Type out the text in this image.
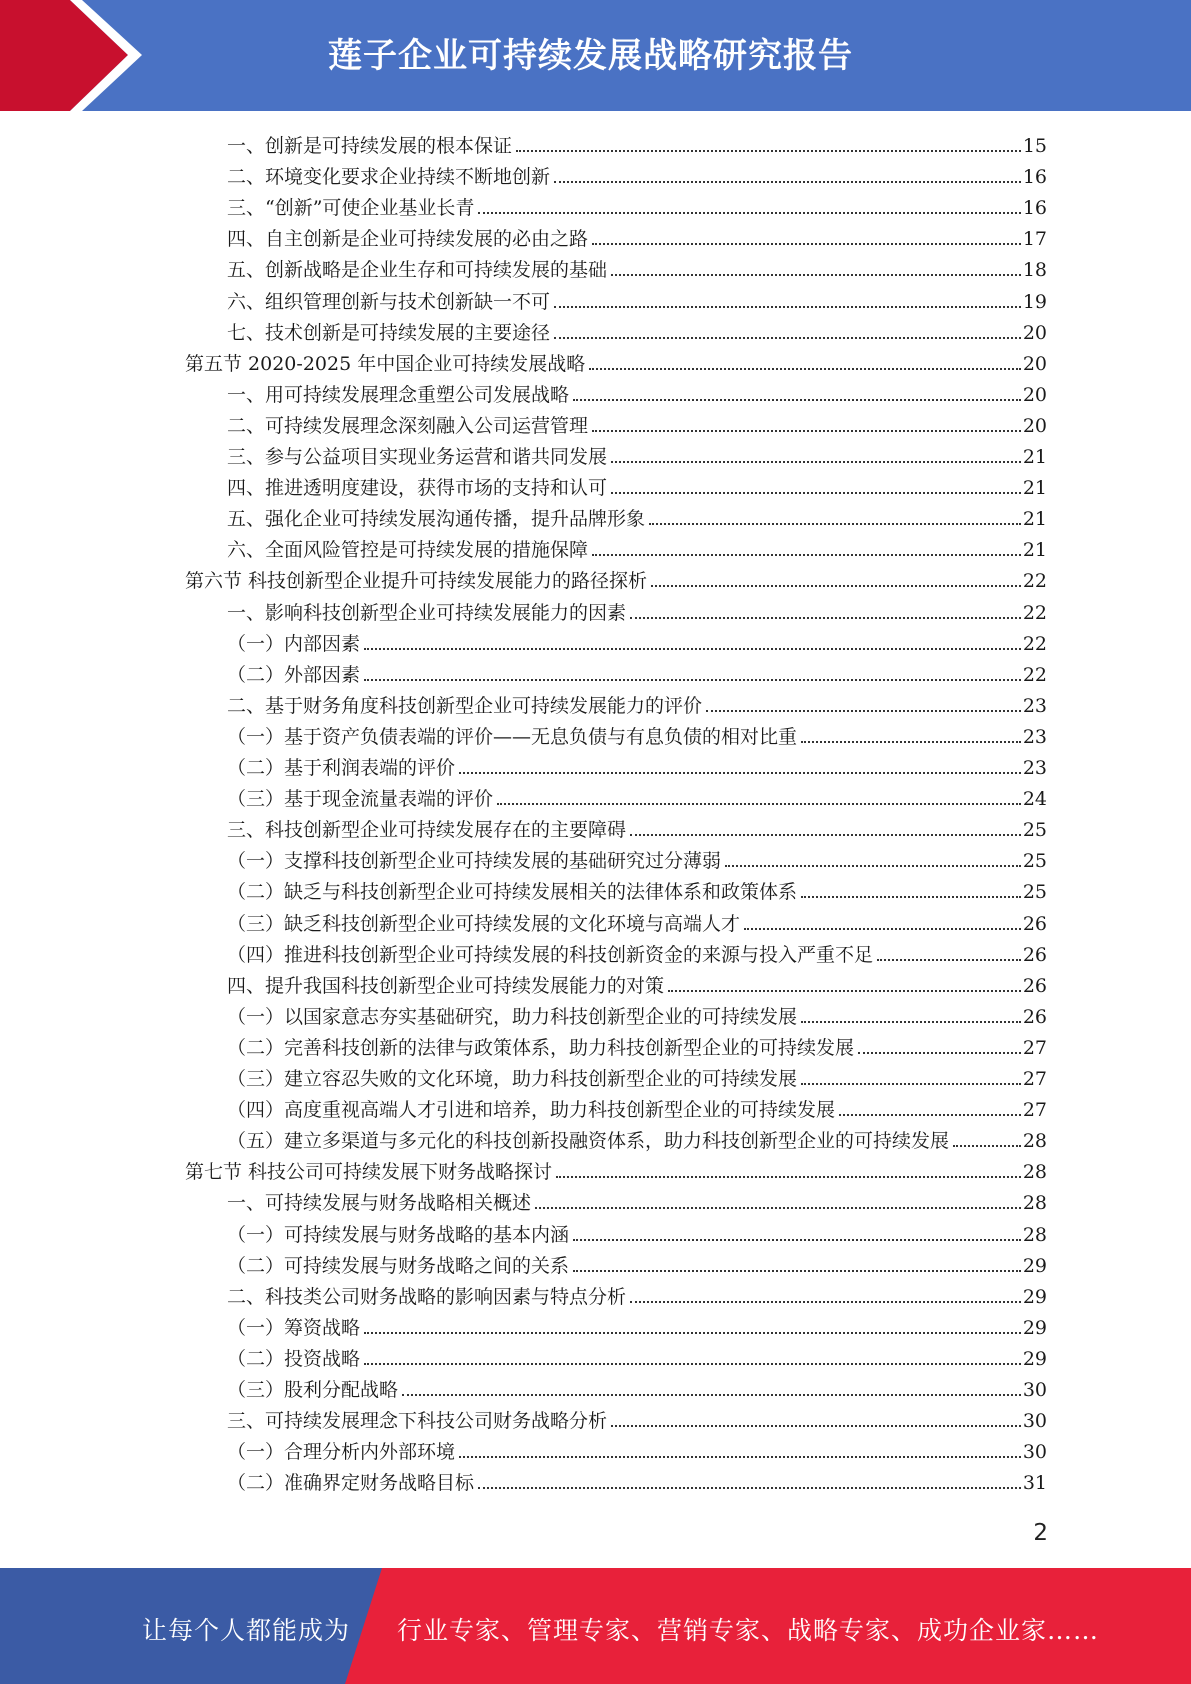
莲子企业可持续发展战略研究报告
一、创新是可持续发展的根本保证	15
二、环境变化要求企业持续不断地创新	16
三、“创新”可使企业基业长青	16
四、自主创新是企业可持续发展的必由之路	17
五、创新战略是企业生存和可持续发展的基础	18
六、组织管理创新与技术创新缺一不可	19
七、技术创新是可持续发展的主要途径	20
第五节 2020-2025 年中国企业可持续发展战略	20
一、用可持续发展理念重塑公司发展战略	20
二、可持续发展理念深刻融入公司运营管理	20
三、参与公益项目实现业务运营和谐共同发展	21
四、推进透明度建设，获得市场的支持和认可	21
五、强化企业可持续发展沟通传播，提升品牌形象	21
六、全面风险管控是可持续发展的措施保障	21
第六节 科技创新型企业提升可持续发展能力的路径探析	22
一、影响科技创新型企业可持续发展能力的因素	22
（一）内部因素	22
（二）外部因素	22
二、基于财务角度科技创新型企业可持续发展能力的评价	23
（一）基于资产负债表端的评价——无息负债与有息负债的相对比重	23
（二）基于利润表端的评价	23
（三）基于现金流量表端的评价	24
三、科技创新型企业可持续发展存在的主要障碍	25
（一）支撑科技创新型企业可持续发展的基础研究过分薄弱	25
（二）缺乏与科技创新型企业可持续发展相关的法律体系和政策体系	25
（三）缺乏科技创新型企业可持续发展的文化环境与高端人才	26
（四）推进科技创新型企业可持续发展的科技创新资金的来源与投入严重不足	26
四、提升我国科技创新型企业可持续发展能力的对策	26
（一）以国家意志夯实基础研究，助力科技创新型企业的可持续发展	26
（二）完善科技创新的法律与政策体系，助力科技创新型企业的可持续发展	27
（三）建立容忍失败的文化环境，助力科技创新型企业的可持续发展	27
（四）高度重视高端人才引进和培养，助力科技创新型企业的可持续发展	27
（五）建立多渠道与多元化的科技创新投融资体系，助力科技创新型企业的可持续发展	28
第七节 科技公司可持续发展下财务战略探讨	28
一、可持续发展与财务战略相关概述	28
（一）可持续发展与财务战略的基本内涵	28
（二）可持续发展与财务战略之间的关系	29
二、科技类公司财务战略的影响因素与特点分析	29
（一）筹资战略	29
（二）投资战略	29
（三）股利分配战略	30
三、可持续发展理念下科技公司财务战略分析	30
（一）合理分析内外部环境	30
（二）准确界定财务战略目标	31
2
让每个人都能成为 行业专家、管理专家、营销专家、战略专家、成功企业家……
